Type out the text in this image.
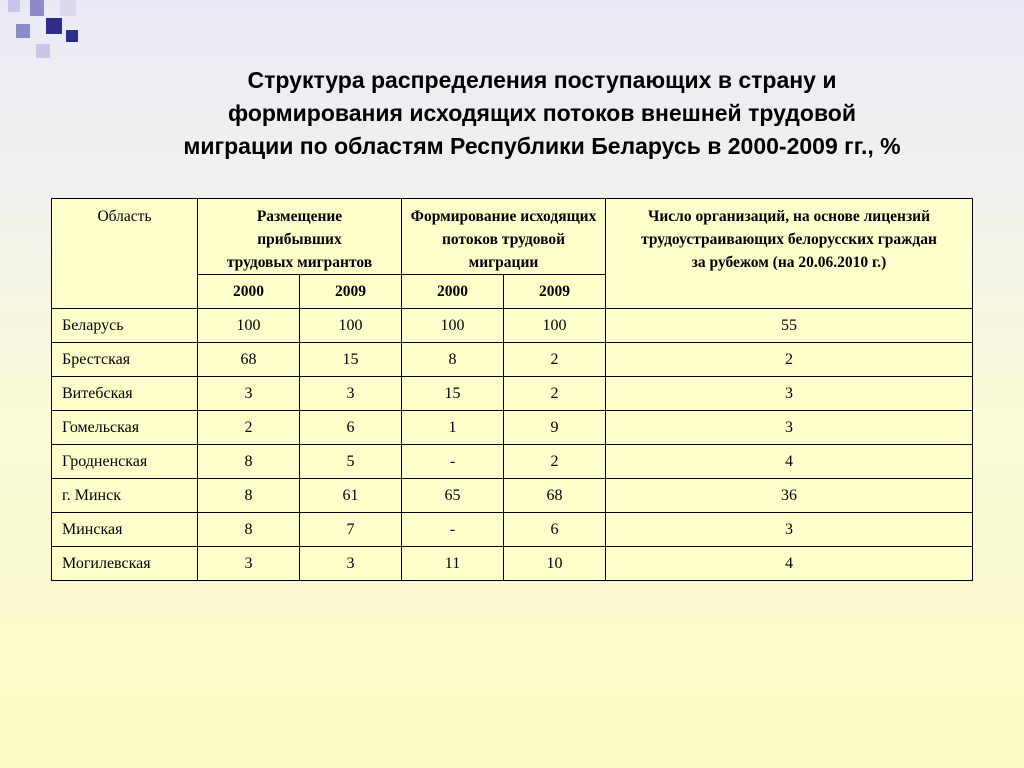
Структура распределения поступающих в страну и
формирования исходящих потоков внешней трудовой
миграции по областям Республики Беларусь в 2000-2009 гг., %
Область	Размещение прибывших трудовых мигрантов		Формирование исходящих потоков трудовой миграции		Число организаций, на основе лицензий трудоустраивающих белорусских граждан за рубежом (на 20.06.2010 г.)
	2000	2009	2000	2009	
Беларусь	100	100	100	100	55
Брестская	68	15	8	2	2
Витебская	3	3	15	2	3
Гомельская	2	6	1	9	3
Гродненская	8	5	-	2	4
г. Минск	8	61	65	68	36
Минская	8	7	-	6	3
Могилевская	3	3	11	10	4
